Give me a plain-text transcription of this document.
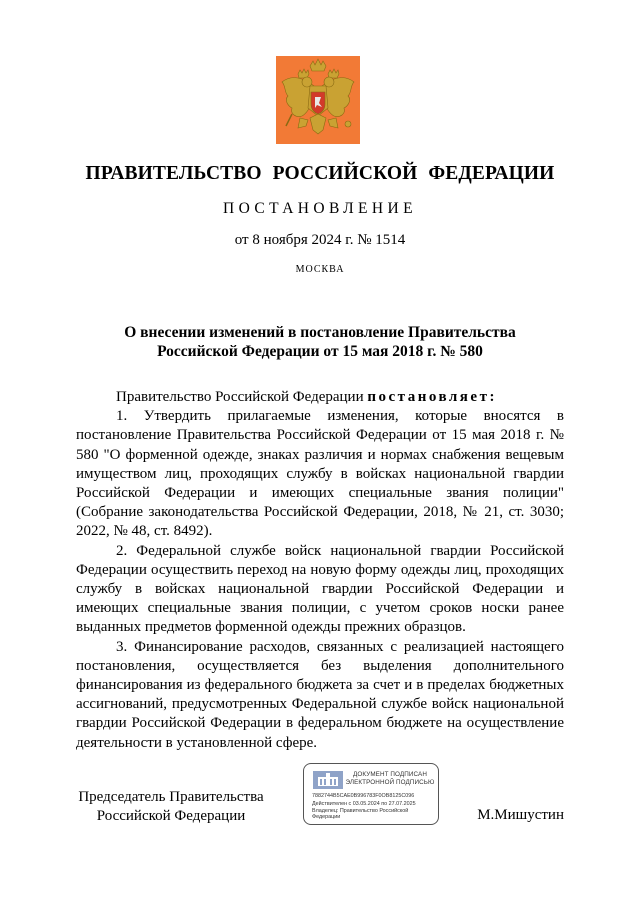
ПРАВИТЕЛЬСТВО РОССИЙСКОЙ ФЕДЕРАЦИИ
ПОСТАНОВЛЕНИЕ
от 8 ноября 2024 г. № 1514
МОСКВА
О внесении изменений в постановление Правительства
Российской Федерации от 15 мая 2018 г. № 580

Правительство Российской Федерации постановляет:

1. Утвердить прилагаемые изменения, которые вносятся в постановление Правительства Российской Федерации от 15 мая 2018 г. № 580 "О форменной одежде, знаках различия и нормах снабжения вещевым имуществом лиц, проходящих службу в войсках национальной гвардии Российской Федерации и имеющих специальные звания полиции" (Собрание законодательства Российской Федерации, 2018, № 21, ст. 3030; 2022, № 48, ст. 8492).

2. Федеральной службе войск национальной гвардии Российской Федерации осуществить переход на новую форму одежды лиц, проходящих службу в войсках национальной гвардии Российской Федерации и имеющих специальные звания полиции, с учетом сроков носки ранее выданных предметов форменной одежды прежних образцов.

3. Финансирование расходов, связанных с реализацией настоящего постановления, осуществляется без выделения дополнительного финансирования из федерального бюджета за счет и в пределах бюджетных ассигнований, предусмотренных Федеральной службе войск национальной гвардии Российской Федерации в федеральном бюджете на осуществление деятельности в установленной сфере.

Председатель Правительства
Российской Федерации
ДОКУМЕНТ ПОДПИСАН
ЭЛЕКТРОННОЙ ПОДПИСЬЮ
7882744B5CAE0B996783F0OB8125C096
Действителен с 03.05.2024 по 27.07.2025
Владелец: Правительство Российской
Федерации	М.Мишустин
